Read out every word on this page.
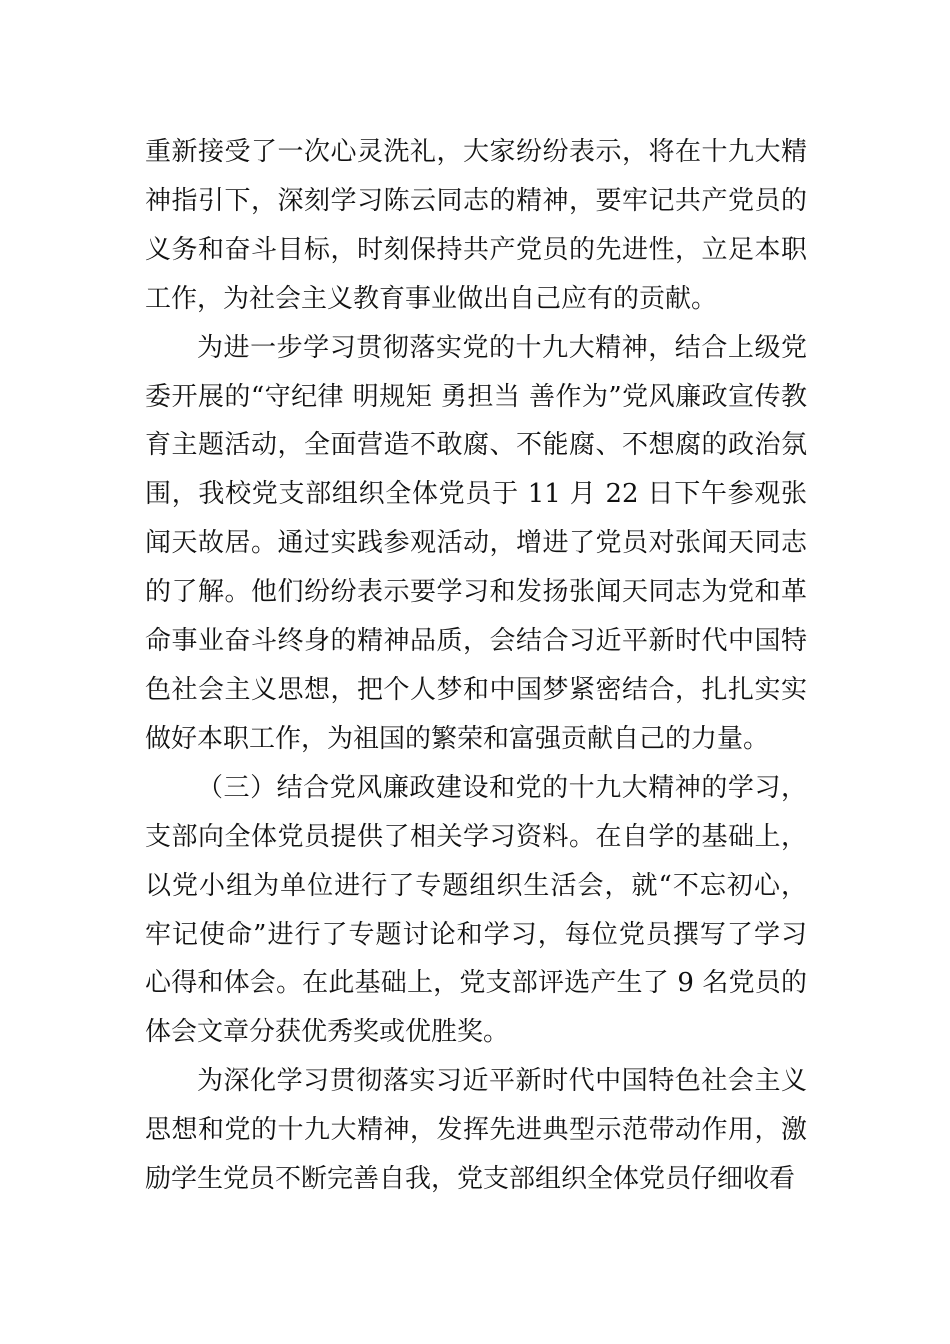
重新接受了一次心灵洗礼，大家纷纷表示，将在十九大精神指引下，深刻学习陈云同志的精神，要牢记共产党员的义务和奋斗目标，时刻保持共产党员的先进性，立足本职工作，为社会主义教育事业做出自己应有的贡献。

为进一步学习贯彻落实党的十九大精神，结合上级党委开展的“守纪律 明规矩 勇担当 善作为”党风廉政宣传教育主题活动，全面营造不敢腐、不能腐、不想腐的政治氛围，我校党支部组织全体党员于 11 月 22 日下午参观张闻天故居。通过实践参观活动，增进了党员对张闻天同志的了解。他们纷纷表示要学习和发扬张闻天同志为党和革命事业奋斗终身的精神品质，会结合习近平新时代中国特色社会主义思想，把个人梦和中国梦紧密结合，扎扎实实做好本职工作，为祖国的繁荣和富强贡献自己的力量。

（三）结合党风廉政建设和党的十九大精神的学习，支部向全体党员提供了相关学习资料。在自学的基础上，以党小组为单位进行了专题组织生活会，就“不忘初心，牢记使命”进行了专题讨论和学习，每位党员撰写了学习心得和体会。在此基础上，党支部评选产生了 9 名党员的体会文章分获优秀奖或优胜奖。

为深化学习贯彻落实习近平新时代中国特色社会主义思想和党的十九大精神，发挥先进典型示范带动作用，激励学生党员不断完善自我，党支部组织全体党员仔细收看
